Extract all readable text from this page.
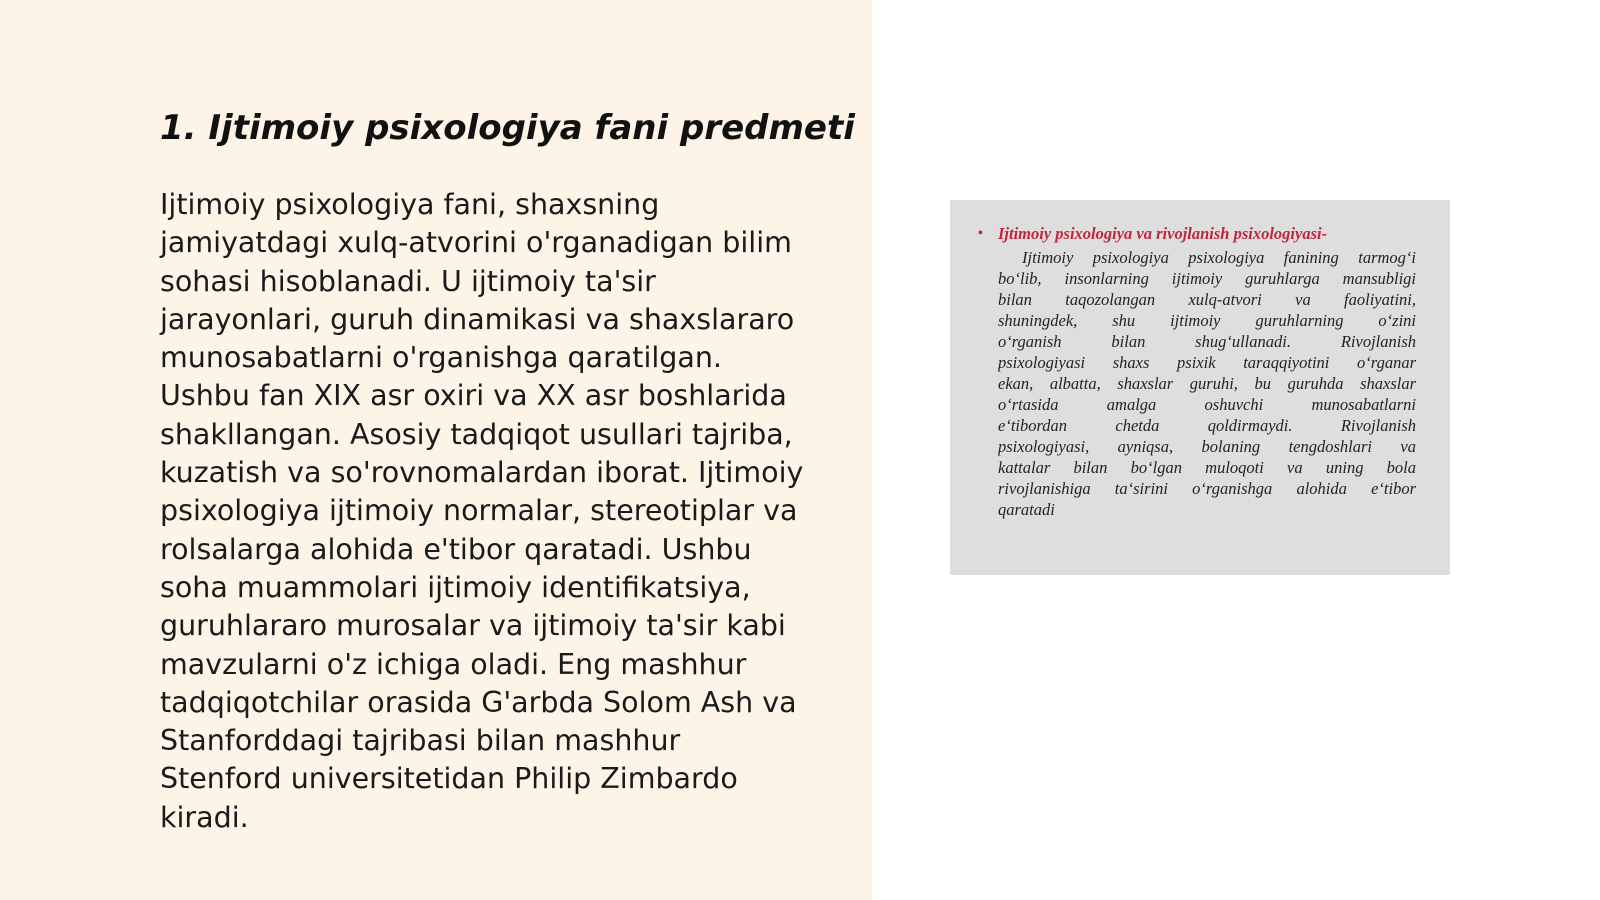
1. Ijtimoiy psixologiya fani predmeti
Ijtimoiy psixologiya fani, shaxsning
jamiyatdagi xulq-atvorini o'rganadigan bilim
sohasi hisoblanadi. U ijtimoiy ta'sir
jarayonlari, guruh dinamikasi va shaxslararo
munosabatlarni o'rganishga qaratilgan.
Ushbu fan XIX asr oxiri va XX asr boshlarida
shakllangan. Asosiy tadqiqot usullari tajriba,
kuzatish va so'rovnomalardan iborat. Ijtimoiy
psixologiya ijtimoiy normalar, stereotiplar va
rolsalarga alohida e'tibor qaratadi. Ushbu
soha muammolari ijtimoiy identifikatsiya,
guruhlararo murosalar va ijtimoiy ta'sir kabi
mavzularni o'z ichiga oladi. Eng mashhur
tadqiqotchilar orasida G'arbda Solom Ash va
Stanforddagi tajribasi bilan mashhur
Stenford universitetidan Philip Zimbardo
kiradi.
• Ijtimoiy psixologiya va rivojlanish psixologiyasi-
Ijtimoiy psixologiya psixologiya fanining tarmog‘i
bo‘lib, insonlarning ijtimoiy guruhlarga mansubligi
bilan taqozolangan xulq-atvori va faoliyatini,
shuningdek, shu ijtimoiy guruhlarning o‘zini
o‘rganish bilan shug‘ullanadi. Rivojlanish
psixologiyasi shaxs psixik taraqqiyotini o‘rganar
ekan, albatta, shaxslar guruhi, bu guruhda shaxslar
o‘rtasida amalga oshuvchi munosabatlarni
e‘tibordan chetda qoldirmaydi. Rivojlanish
psixologiyasi, ayniqsa, bolaning tengdoshlari va
kattalar bilan bo‘lgan muloqoti va uning bola
rivojlanishiga ta‘sirini o‘rganishga alohida e‘tibor
qaratadi
